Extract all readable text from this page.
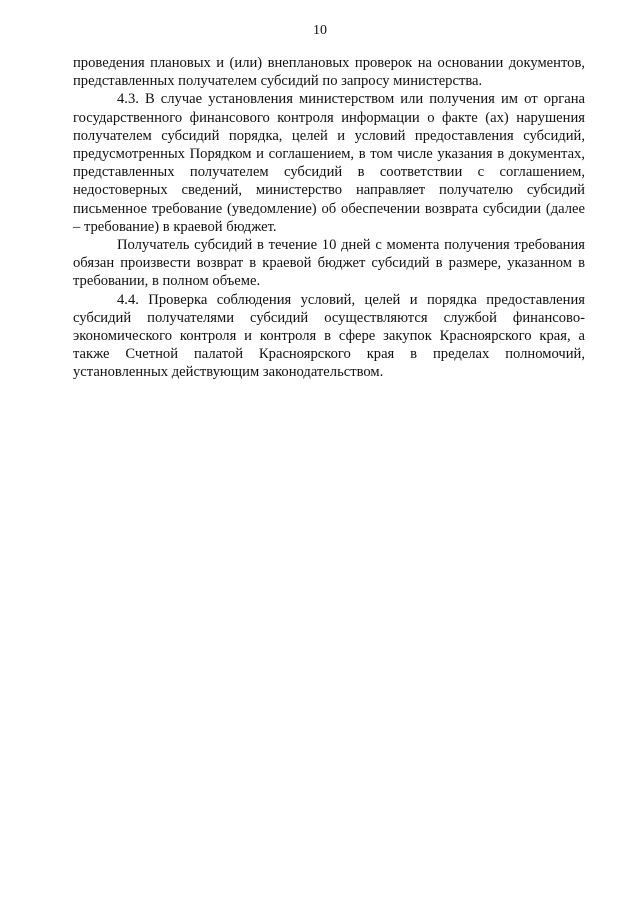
10

проведения плановых и (или) внеплановых проверок на основании документов, представленных получателем субсидий по запросу министерства.

4.3. В случае установления министерством или получения им от органа государственного финансового контроля информации о факте (ах) нарушения получателем субсидий порядка, целей и условий предоставления субсидий, предусмотренных Порядком и соглашением, в том числе указания в документах, представленных получателем субсидий в соответствии с соглашением, недостоверных сведений, министерство направляет получателю субсидий письменное требование (уведомление) об обеспечении возврата субсидии (далее – требование) в краевой бюджет.

Получатель субсидий в течение 10 дней с момента получения требования обязан произвести возврат в краевой бюджет субсидий в размере, указанном в требовании, в полном объеме.

4.4. Проверка соблюдения условий, целей и порядка предоставления субсидий получателями субсидий осуществляются службой финансово-экономического контроля и контроля в сфере закупок Красноярского края, а также Счетной палатой Красноярского края в пределах полномочий, установленных действующим законодательством.
